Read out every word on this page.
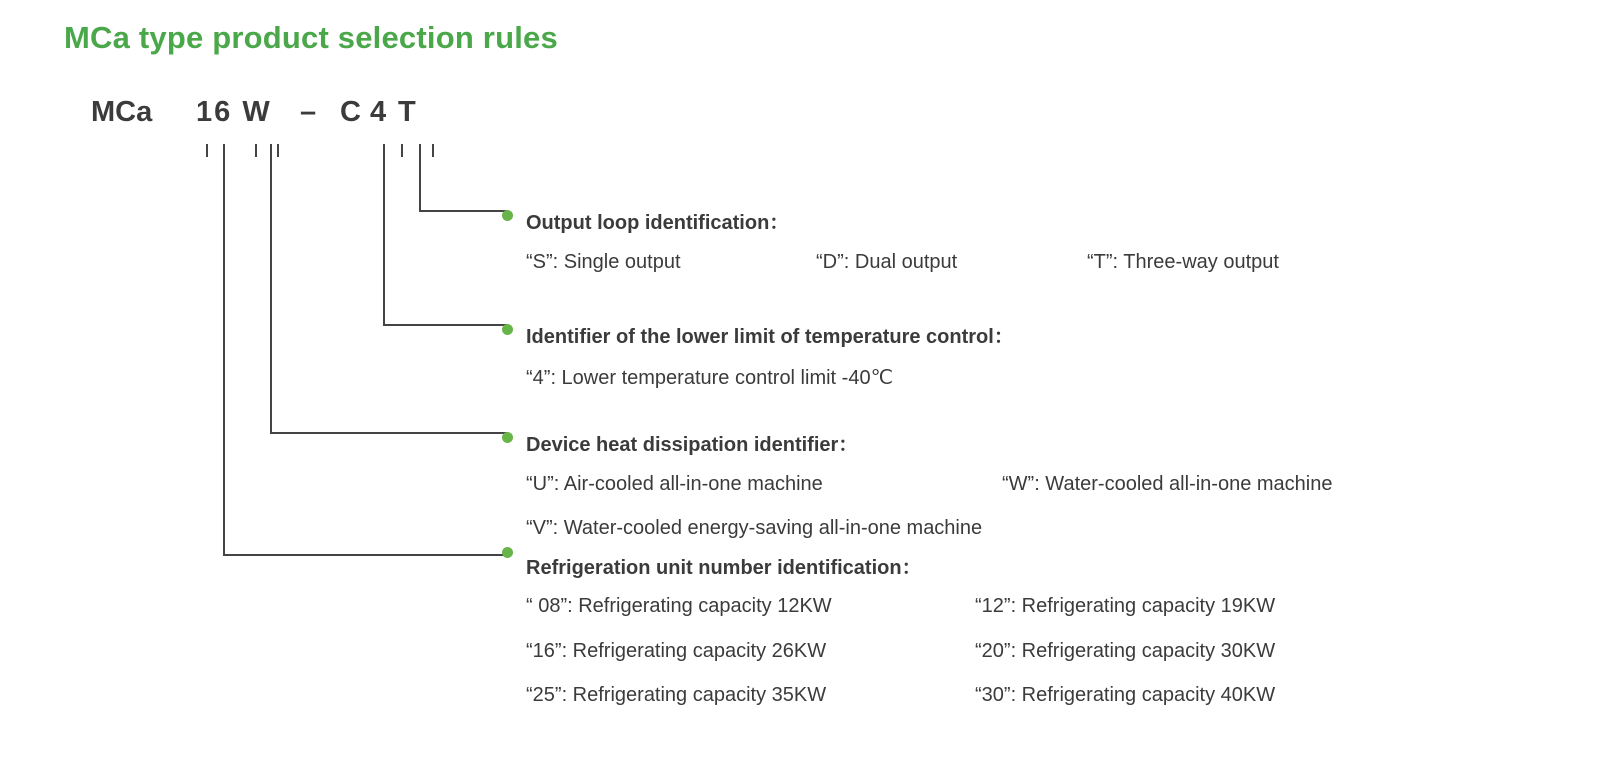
MCa type product selection rules
MCa 16 W – C 4 T
Output loop identification：
“S”: Single output	“D”: Dual output	“T”: Three-way output
Identifier of the lower limit of temperature control：
“4”: Lower temperature control limit -40℃
Device heat dissipation identifier：
“U”: Air-cooled all-in-one machine	“W”: Water-cooled all-in-one machine
“V”: Water-cooled energy-saving all-in-one machine
Refrigeration unit number identification：
“ 08”: Refrigerating capacity 12KW	“12”: Refrigerating capacity 19KW
“16”: Refrigerating capacity 26KW	“20”: Refrigerating capacity 30KW
“25”: Refrigerating capacity 35KW	“30”: Refrigerating capacity 40KW
